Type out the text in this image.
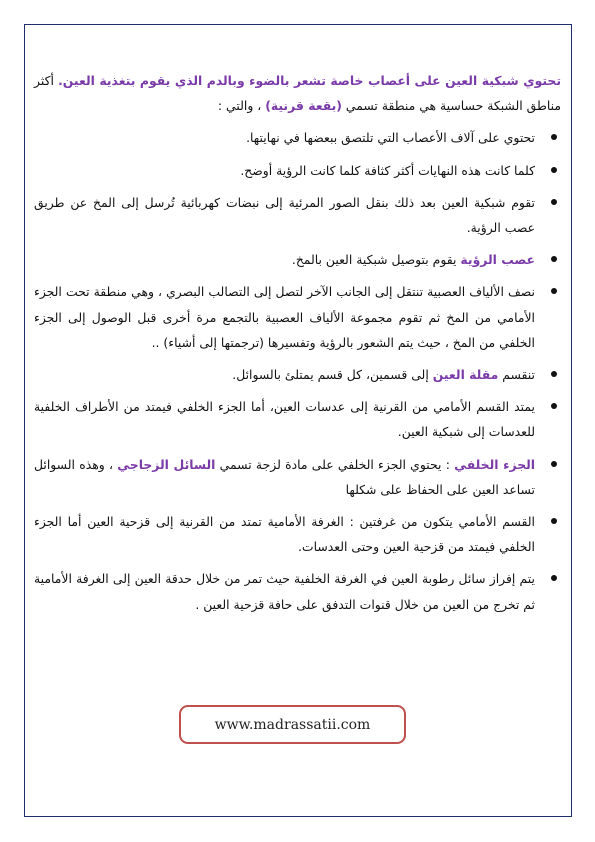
تحتوي شبكية العين على أعصاب خاصة تشعر بالضوء وبالدم الذي يقوم بتغذية العين. أكثر مناطق الشبكة حساسية هي منطقة تسمي (بقعة قرنية) ، والتي :

تحتوي على آلاف الأعصاب التي تلتصق ببعضها في نهايتها.
كلما كانت هذه النهايات أكثر كثافة كلما كانت الرؤية أوضح.
تقوم شبكية العين بعد ذلك بنقل الصور المرئية إلى نبضات كهربائية تُرسل إلى المخ عن طريق عصب الرؤية.
عصب الرؤية يقوم بتوصيل شبكية العين بالمخ.
نصف الألياف العصبية تنتقل إلى الجانب الآخر لتصل إلى التصالب البصري ، وهي منطقة تحت الجزء الأمامي من المخ ثم تقوم مجموعة الألياف العصبية بالتجمع مرة أخرى قبل الوصول إلى الجزء الخلفي من المخ ، حيث يتم الشعور بالرؤية وتفسيرها (ترجمتها إلى أشياء) ..
تنقسم مقلة العين إلى قسمين، كل قسم يمتلئ بالسوائل.
يمتد القسم الأمامي من القرنية إلى عدسات العين، أما الجزء الخلفي فيمتد من الأطراف الخلفية للعدسات إلى شبكية العين.
الجزء الخلفي : يحتوي الجزء الخلفي على مادة لزجة تسمي السائل الزجاجي ، وهذه السوائل تساعد العين على الحفاظ على شكلها
القسم الأمامي يتكون من غرفتين : الغرفة الأمامية تمتد من القرنية إلى قزحية العين أما الجزء الخلفي فيمتد من قزحية العين وحتى العدسات.
يتم إفراز سائل رطوبة العين في الغرفة الخلفية حيث تمر من خلال حدقة العين إلى الغرفة الأمامية ثم تخرج من العين من خلال قنوات التدفق على حافة قزحية العين .
www.madrassatii.com
